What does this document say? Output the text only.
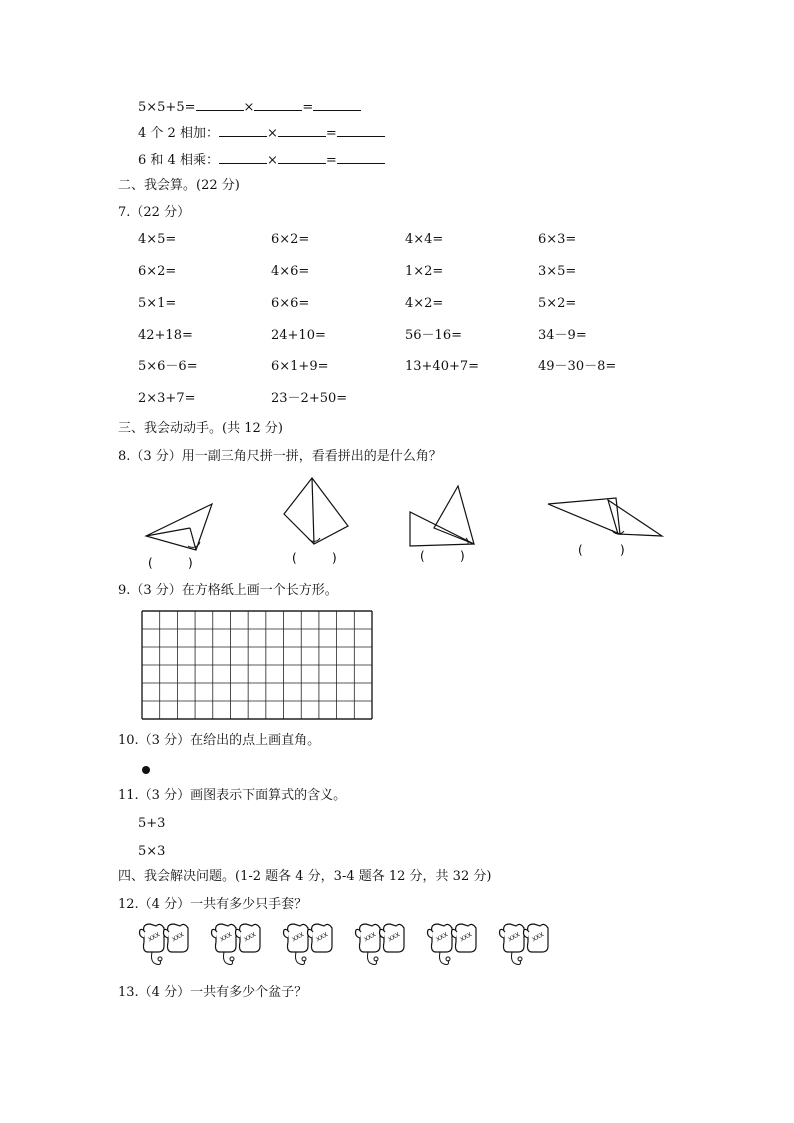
5×5+5=	×	=
4 个 2 相加：	×	=
6 和 4 相乘：	×	=
二、我会算。(22 分)
7.（22 分）
4×5=	6×2=	4×4=	6×3=
6×2=	4×6=	1×2=	3×5=
5×1=	6×6=	4×2=	5×2=
42+18=	24+10=	56－16=	34－9=
5×6－6=	6×1+9=	13+40+7=	49－30－8=
2×3+7=	23－2+50=
三、我会动动手。(共 12 分)
8.（3 分）用一副三角尺拼一拼，看看拼出的是什么角？
(	)	(	)	(	)	(	)
9.（3 分）在方格纸上画一个长方形。
10.（3 分）在给出的点上画直角。
11.（3 分）画图表示下面算式的含义。
5+3
5×3
四、我会解决问题。(1-2 题各 4 分，3-4 题各 12 分，共 32 分)
12.（4 分）一共有多少只手套？
XXX XXX	XXX XXX	XXX XXX	XXX XXX	XXX XXX	XXX XXX
13.（4 分）一共有多少个盆子？
